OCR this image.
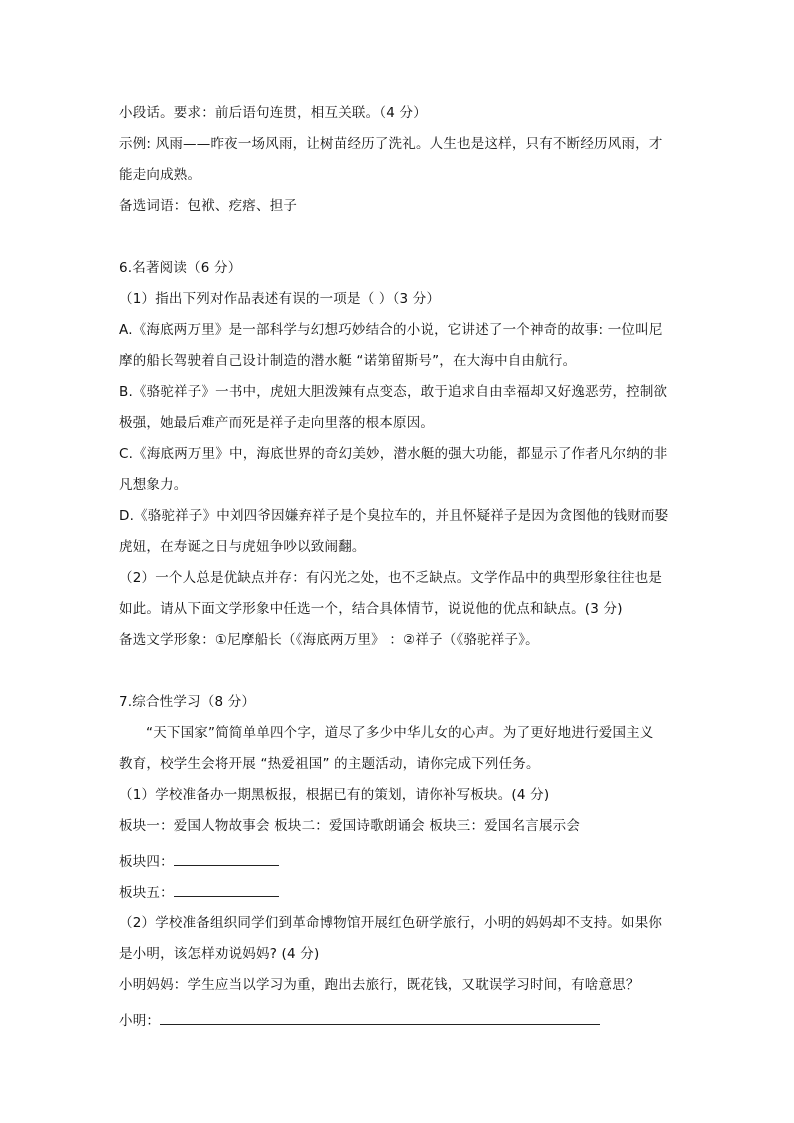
小段话。要求：前后语句连贯，相互关联。（4 分）
示例: 风雨——昨夜一场风雨，让树苗经历了洗礼。人生也是这样，只有不断经历风雨，才
能走向成熟。
备选词语：包袱、疙瘩、担子
6.名著阅读（6 分）
（1）指出下列对作品表述有误的一项是（ ）（3 分）
A.《海底两万里》是一部科学与幻想巧妙结合的小说，它讲述了一个神奇的故事: 一位叫尼
摩的船长驾驶着自己设计制造的潜水艇 “诺第留斯号”，在大海中自由航行。
B.《骆驼祥子》一书中，虎妞大胆泼辣有点变态，敢于追求自由幸福却又好逸恶劳，控制欲
极强，她最后难产而死是祥子走向里落的根本原因。
C.《海底两万里》中，海底世界的奇幻美妙，潜水艇的强大功能，都显示了作者凡尔纳的非
凡想象力。
D.《骆驼祥子》中刘四爷因嫌弃祥子是个臭拉车的，并且怀疑祥子是因为贪图他的钱财而娶
虎妞，在寿诞之日与虎妞争吵以致闹翻。
（2）一个人总是优缺点并存：有闪光之处，也不乏缺点。文学作品中的典型形象往往也是
如此。请从下面文学形象中任选一个，结合具体情节，说说他的优点和缺点。(3 分)
备选文学形象：①尼摩船长（《海底两万里》 ：②祥子（《骆驼祥子》。
7.综合性学习（8 分）
“天下国家”简简单单四个字，道尽了多少中华儿女的心声。为了更好地进行爱国主义
教育，校学生会将开展 “热爱祖国” 的主题活动，请你完成下列任务。
（1）学校准备办一期黑板报，根据已有的策划，请你补写板块。(4 分)
板块一：爱国人物故事会 板块二：爱国诗歌朗诵会 板块三：爱国名言展示会
板块四：
板块五：
（2）学校准备组织同学们到革命博物馆开展红色研学旅行，小明的妈妈却不支持。如果你
是小明，该怎样劝说妈妈? (4 分)
小明妈妈：学生应当以学习为重，跑出去旅行，既花钱，又耽误学习时间，有啥意思？
小明：
